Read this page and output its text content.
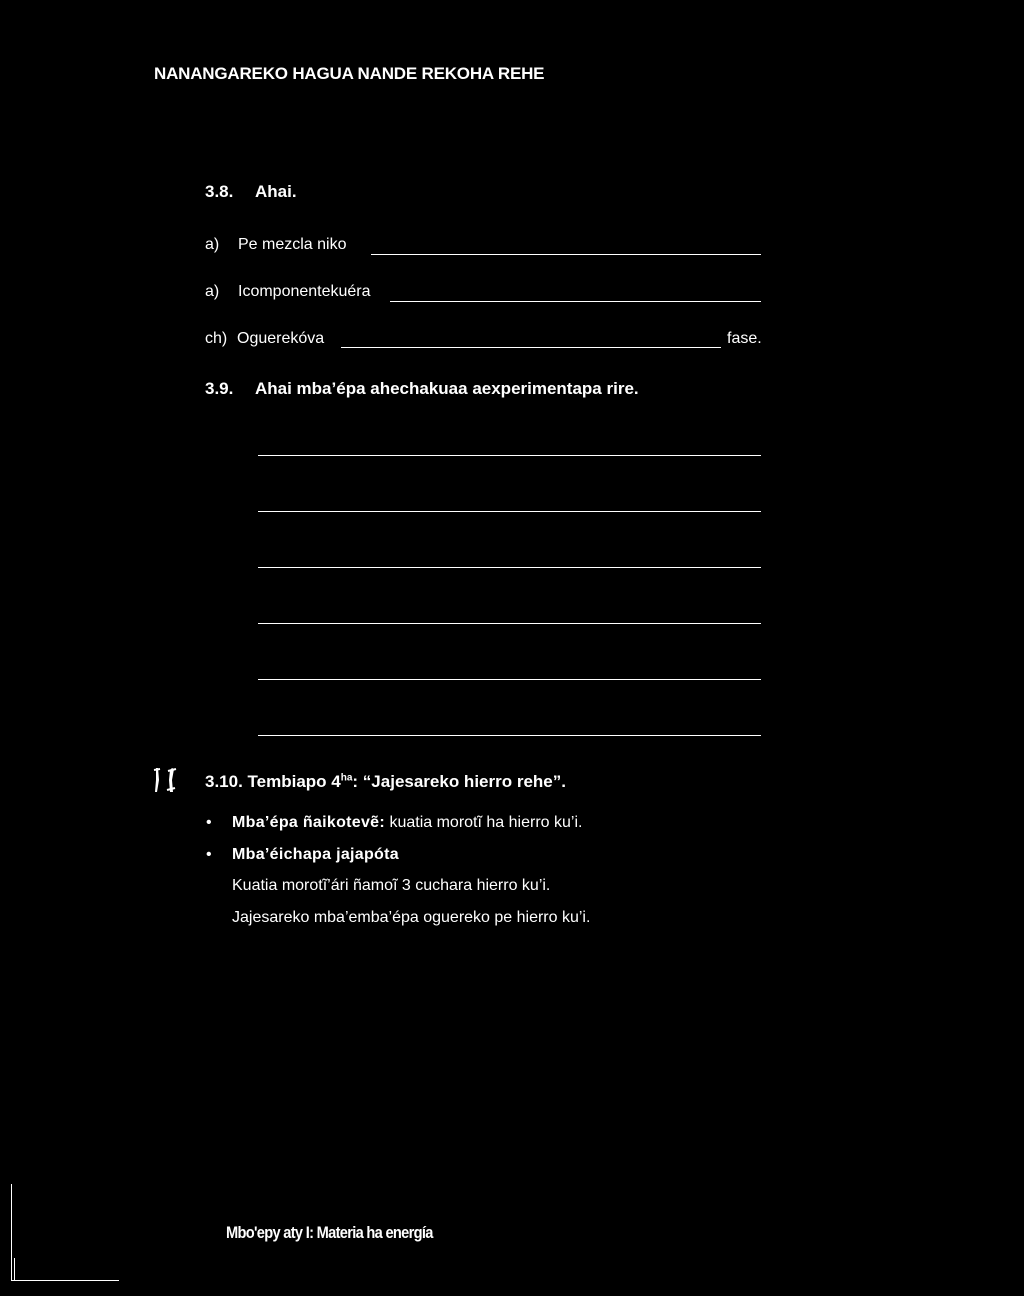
NANANGAREKO HAGUA NANDE REKOHA REHE
3.8. Ahai.
a)	Pe mezcla niko
a)	Icomponentekuéra
ch) Oguerekóva	fase.
3.9. Ahai mba’épa ahechakuaa aexperimentapa rire.
3.10. Tembiapo $4^{ha}$: “Jajesareko hierro rehe”.
• Mba’épa ñaikotevẽ: kuatia morotĩ ha hierro ku’i.
• Mba’éichapa jajapóta
Kuatia morotĩ’ári ñamoĩ 3 cuchara hierro ku’i.
Jajesareko mba’emba’épa oguereko pe hierro ku’i.
Mbo'epy aty I: Materia ha energía
